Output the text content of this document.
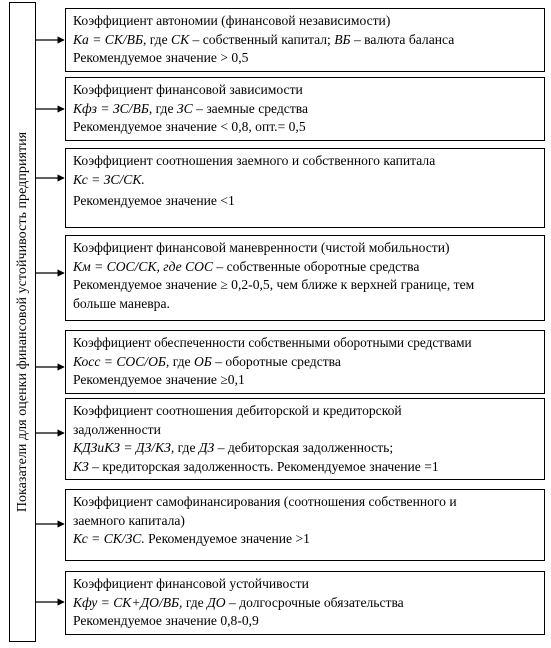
Показатели для оценки финансовой устойчивость предприятия
Коэффициент автономии (финансовой независимости)
Ка = СК/ВБ, где СК – собственный капитал; ВБ – валюта баланса
Рекомендуемое значение > 0,5
Коэффициент финансовой зависимости
Кфз = ЗС/ВБ, где ЗС – заемные средства
Рекомендуемое значение < 0,8, опт.= 0,5
Коэффициент соотношения заемного и собственного капитала
Кс = ЗС/СК.
Рекомендуемое значение <1
Коэффициент финансовой маневренности (чистой мобильности)
Км = СОС/СК, где СОС – собственные оборотные средства
Рекомендуемое значение ≥ 0,2-0,5, чем ближе к верхней границе, тем
больше маневра.
Коэффициент обеспеченности собственными оборотными средствами
Косс = СОС/ОБ, где ОБ – оборотные средства
Рекомендуемое значение ≥0,1
Коэффициент соотношения дебиторской и кредиторской
задолженности
КДЗиКЗ = ДЗ/КЗ, где ДЗ – дебиторская задолженность;
КЗ – кредиторская задолженность. Рекомендуемое значение =1
Коэффициент самофинансирования (соотношения собственного и
заемного капитала)
Кс = СК/ЗС. Рекомендуемое значение >1
Коэффициент финансовой устойчивости
Кфу = СК+ДО/ВБ, где ДО – долгосрочные обязательства
Рекомендуемое значение 0,8-0,9
